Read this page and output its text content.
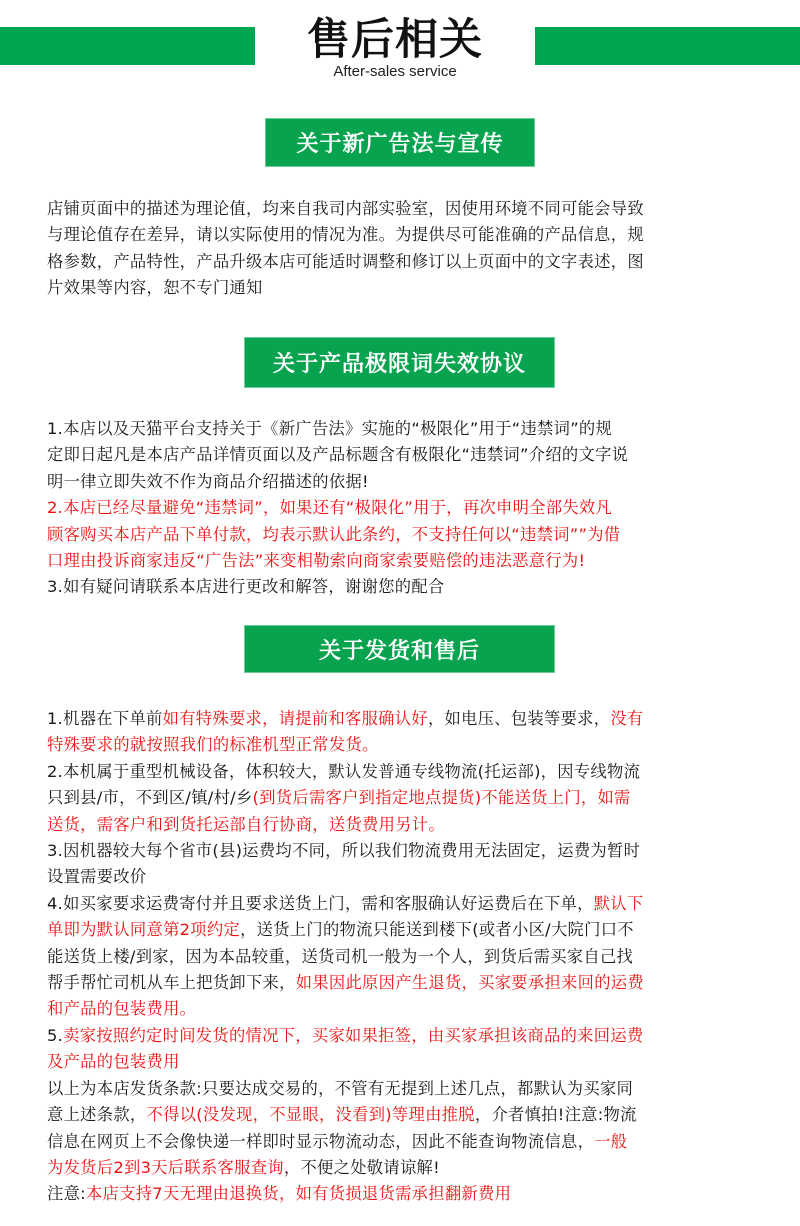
售后相关
After-sales service
关于新广告法与宣传
店铺页面中的描述为理论值，均来自我司内部实验室，因使用环境不同可能会导致
与理论值存在差异，请以实际使用的情况为准。为提供尽可能准确的产品信息，规
格参数，产品特性，产品升级本店可能适时调整和修订以上页面中的文字表述，图
片效果等内容，恕不专门通知
关于产品极限词失效协议
1.本店以及天猫平台支持关于《新广告法》实施的“极限化”用于“违禁词”的规
定即日起凡是本店产品详情页面以及产品标题含有极限化“违禁词”介绍的文字说
明一律立即失效不作为商品介绍描述的依据!
2.本店已经尽量避免“违禁词”，如果还有“极限化”用于，再次申明全部失效凡
顾客购买本店产品下单付款，均表示默认此条约，不支持任何以“违禁词””为借
口理由投诉商家违反“广告法”来变相勒索向商家索要赔偿的违法恶意行为!
3.如有疑问请联系本店进行更改和解答，谢谢您的配合
关于发货和售后
1.机器在下单前如有特殊要求，请提前和客服确认好，如电压、包装等要求，没有
特殊要求的就按照我们的标准机型正常发货。
2.本机属于重型机械设备，体积较大，默认发普通专线物流(托运部)，因专线物流
只到县/市，不到区/镇/村/乡(到货后需客户到指定地点提货)不能送货上门，如需
送货，需客户和到货托运部自行协商，送货费用另计。
3.因机器较大每个省市(县)运费均不同，所以我们物流费用无法固定，运费为暂时
设置需要改价
4.如买家要求运费寄付并且要求送货上门，需和客服确认好运费后在下单，默认下
单即为默认同意第2项约定，送货上门的物流只能送到楼下(或者小区/大院门口不
能送货上楼/到家，因为本品较重，送货司机一般为一个人，到货后需买家自己找
帮手帮忙司机从车上把货卸下来，如果因此原因产生退货，买家要承担来回的运费
和产品的包装费用。
5.卖家按照约定时间发货的情况下，买家如果拒签，由买家承担该商品的来回运费
及产品的包装费用
以上为本店发货条款:只要达成交易的，不管有无提到上述几点，都默认为买家同
意上述条款，不得以(没发现，不显眼，没看到)等理由推脱，介者慎拍!注意:物流
信息在网页上不会像快递一样即时显示物流动态，因此不能查询物流信息，一般
为发货后2到3天后联系客服查询，不便之处敬请谅解!
注意:本店支持7天无理由退换货，如有货损退货需承担翻新费用
